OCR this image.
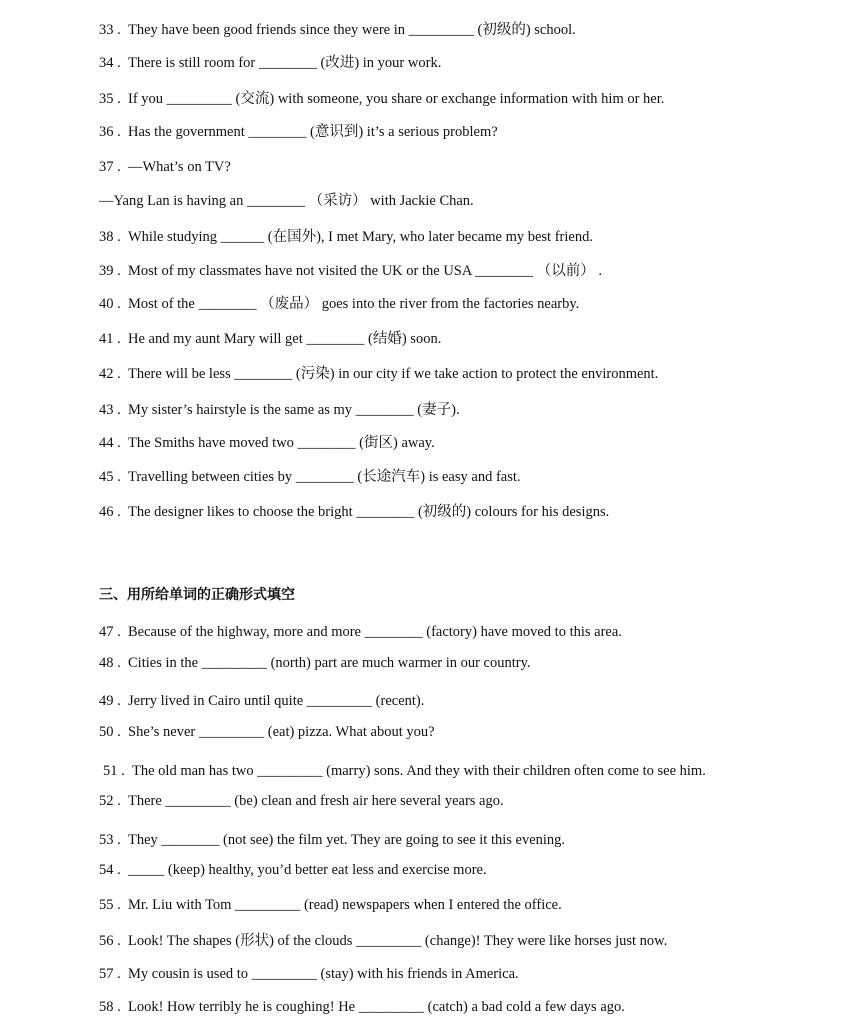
33 . They have been good friends since they were in _________ (初级的) school.
34 . There is still room for ________ (改进) in your work.
35 . If you _________ (交流) with someone, you share or exchange information with him or her.
36 . Has the government ________ (意识到) it’s a serious problem?
37 . —What’s on TV?
—Yang Lan is having an ________ （采访） with Jackie Chan.
38 . While studying ______ (在国外), I met Mary, who later became my best friend.
39 . Most of my classmates have not visited the UK or the USA ________ （以前） .
40 . Most of the ________ （废品） goes into the river from the factories nearby.
41 . He and my aunt Mary will get ________ (结婚) soon.
42 . There will be less ________ (污染) in our city if we take action to protect the environment.
43 . My sister’s hairstyle is the same as my ________ (妻子).
44 . The Smiths have moved two ________ (街区) away.
45 . Travelling between cities by ________ (长途汽车) is easy and fast.
46 . The designer likes to choose the bright ________ (初级的) colours for his designs.
三、用所给单词的正确形式填空
47 . Because of the highway, more and more ________ (factory) have moved to this area.
48 . Cities in the _________ (north) part are much warmer in our country.
49 . Jerry lived in Cairo until quite _________ (recent).
50 . She’s never _________ (eat) pizza. What about you?
51 . The old man has two _________ (marry) sons. And they with their children often come to see him.
52 . There _________ (be) clean and fresh air here several years ago.
53 . They ________ (not see) the film yet. They are going to see it this evening.
54 . _____ (keep) healthy, you’d better eat less and exercise more.
55 . Mr. Liu with Tom _________ (read) newspapers when I entered the office.
56 . Look! The shapes (形状) of the clouds _________ (change)! They were like horses just now.
57 . My cousin is used to _________ (stay) with his friends in America.
58 . Look! How terribly he is coughing! He _________ (catch) a bad cold a few days ago.
